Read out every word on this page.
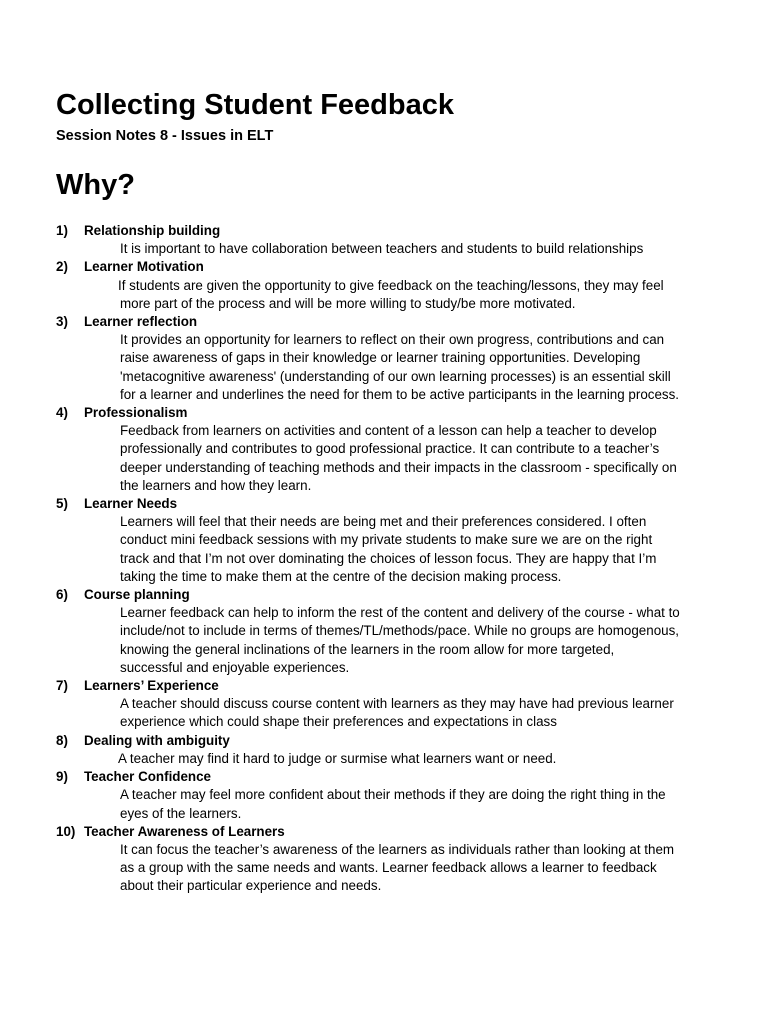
Collecting Student Feedback
Session Notes 8 - Issues in ELT
Why?
1)	Relationship building

It is important to have collaboration between teachers and students to build relationships

2)	Learner Motivation

If students are given the opportunity to give feedback on the teaching/lessons, they may feel more part of the process and will be more willing to study/be more motivated.

3)	Learner reflection

It provides an opportunity for learners to reflect on their own progress, contributions and can raise awareness of gaps in their knowledge or learner training opportunities. Developing 'metacognitive awareness' (understanding of our own learning processes) is an essential skill for a learner and underlines the need for them to be active participants in the learning process.

4)	Professionalism

Feedback from learners on activities and content of a lesson can help a teacher to develop professionally and contributes to good professional practice. It can contribute to a teacher’s deeper understanding of teaching methods and their impacts in the classroom - specifically on the learners and how they learn.

5)	Learner Needs

Learners will feel that their needs are being met and their preferences considered. I often conduct mini feedback sessions with my private students to make sure we are on the right track and that I’m not over dominating the choices of lesson focus. They are happy that I’m taking the time to make them at the centre of the decision making process.

6)	Course planning

Learner feedback can help to inform the rest of the content and delivery of the course - what to include/not to include in terms of themes/TL/methods/pace. While no groups are homogenous, knowing the general inclinations of the learners in the room allow for more targeted, successful and enjoyable experiences.

7)	Learners’ Experience

A teacher should discuss course content with learners as they may have had previous learner experience which could shape their preferences and expectations in class

8)	Dealing with ambiguity

A teacher may find it hard to judge or surmise what learners want or need.

9)	Teacher Confidence

A teacher may feel more confident about their methods if they are doing the right thing in the eyes of the learners.

10) Teacher Awareness of Learners

It can focus the teacher’s awareness of the learners as individuals rather than looking at them as a group with the same needs and wants. Learner feedback allows a learner to feedback about their particular experience and needs.
